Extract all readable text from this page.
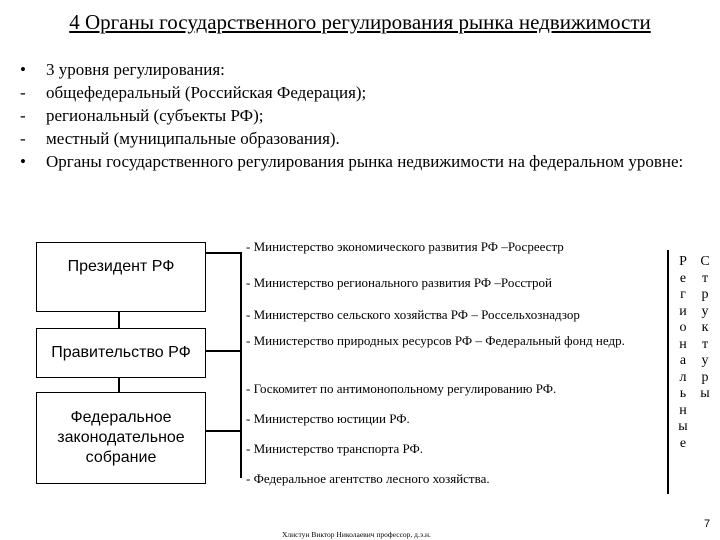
4 Органы государственного регулирования рынка недвижимости
•	3 уровня регулирования:
-	общефедеральный (Российская Федерация);
-	региональный (субъекты РФ);
-	местный (муниципальные образования).
•	Органы государственного регулирования рынка недвижимости на федеральном уровне:
Президент РФ
Правительство РФ
Федеральное законодательное собрание
- Министерство экономического развития РФ –Росреестр
- Министерство регионального развития РФ –Росстрой
- Министерство сельского хозяйства РФ – Россельхознадзор
- Министерство природных ресурсов РФ – Федеральный фонд недр.
- Госкомитет по антимонопольному регулированию РФ.
- Министерство юстиции РФ.
- Министерство транспорта РФ.
- Федеральное агентство лесного хозяйства.
Р
е
г
и
о
н
а
л
ь
н
ы
е
С
т
р
у
к
т
у
р
ы
Хлистун Виктор Николаевич профессор, д.э.н.
7
